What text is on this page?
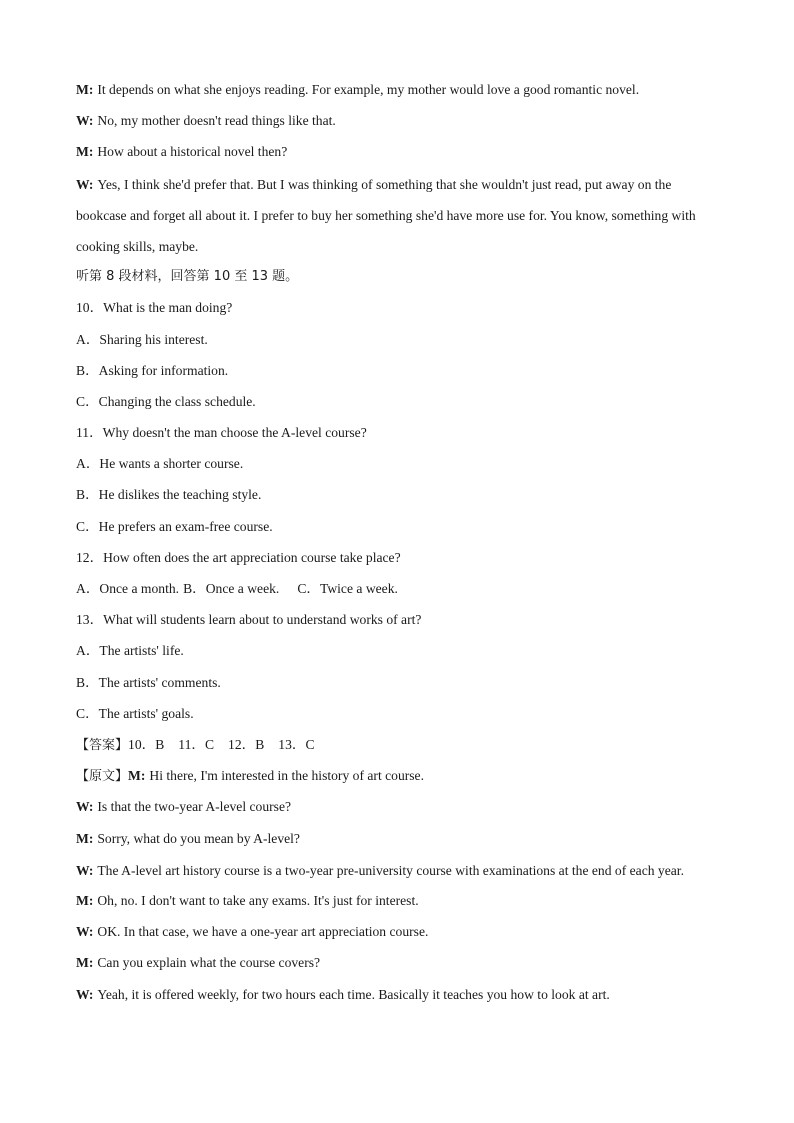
M: It depends on what she enjoys reading. For example, my mother would love a good romantic novel.
W: No, my mother doesn't read things like that.
M: How about a historical novel then?
W: Yes, I think she'd prefer that. But I was thinking of something that she wouldn't just read, put away on the bookcase and forget all about it. I prefer to buy her something she'd have more use for. You know, something with cooking skills, maybe.
听第 8 段材料，回答第 10 至 13 题。
10．What is the man doing?
A．Sharing his interest.
B．Asking for information.
C．Changing the class schedule.
11．Why doesn't the man choose the A-level course?
A．He wants a shorter course.
B．He dislikes the teaching style.
C．He prefers an exam-free course.
12．How often does the art appreciation course take place?
A．Once a month. B．Once a week. C．Twice a week.
13．What will students learn about to understand works of art?
A．The artists' life.
B．The artists' comments.
C．The artists' goals.
【答案】10．B 11．C 12．B 13．C
【原文】M: Hi there, I'm interested in the history of art course.
W: Is that the two-year A-level course?
M: Sorry, what do you mean by A-level?
W: The A-level art history course is a two-year pre-university course with examinations at the end of each year.
M: Oh, no. I don't want to take any exams. It's just for interest.
W: OK. In that case, we have a one-year art appreciation course.
M: Can you explain what the course covers?
W: Yeah, it is offered weekly, for two hours each time. Basically it teaches you how to look at art.
